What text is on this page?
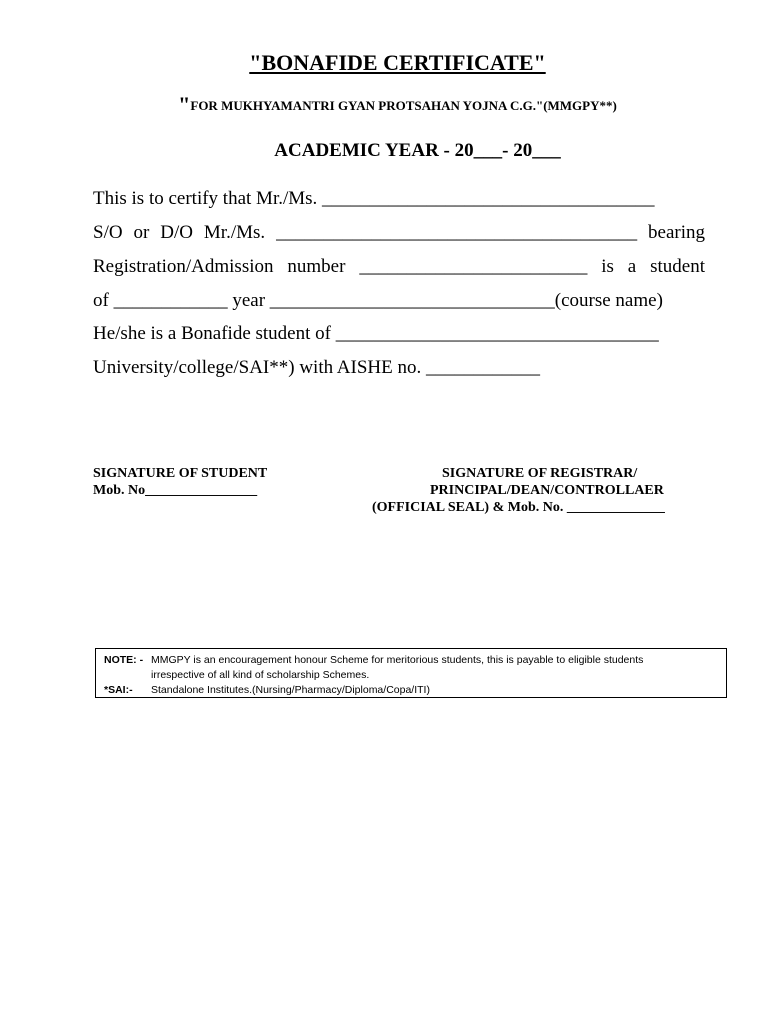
"BONAFIDE CERTIFICATE"
"FOR MUKHYAMANTRI GYAN PROTSAHAN YOJNA C.G."(MMGPY**)
ACADEMIC YEAR - 20___- 20___
This is to certify that Mr./Ms. ___________________________________
S/O or D/O Mr./Ms. ______________________________________ bearing
Registration/Admission number ________________________ is a student
of ____________ year ______________________________(course name)
He/she is a Bonafide student of __________________________________
University/college/SAI**) with AISHE no. ____________
SIGNATURE OF STUDENT
Mob. No________________
SIGNATURE OF REGISTRAR/
PRINCIPAL/DEAN/CONTROLLAER
(OFFICIAL SEAL) & Mob. No. ______________
NOTE: - MMGPY is an encouragement honour Scheme for meritorious students, this is payable to eligible students
irrespective of all kind of scholarship Schemes.
*SAI:- Standalone Institutes.(Nursing/Pharmacy/Diploma/Copa/ITI)
